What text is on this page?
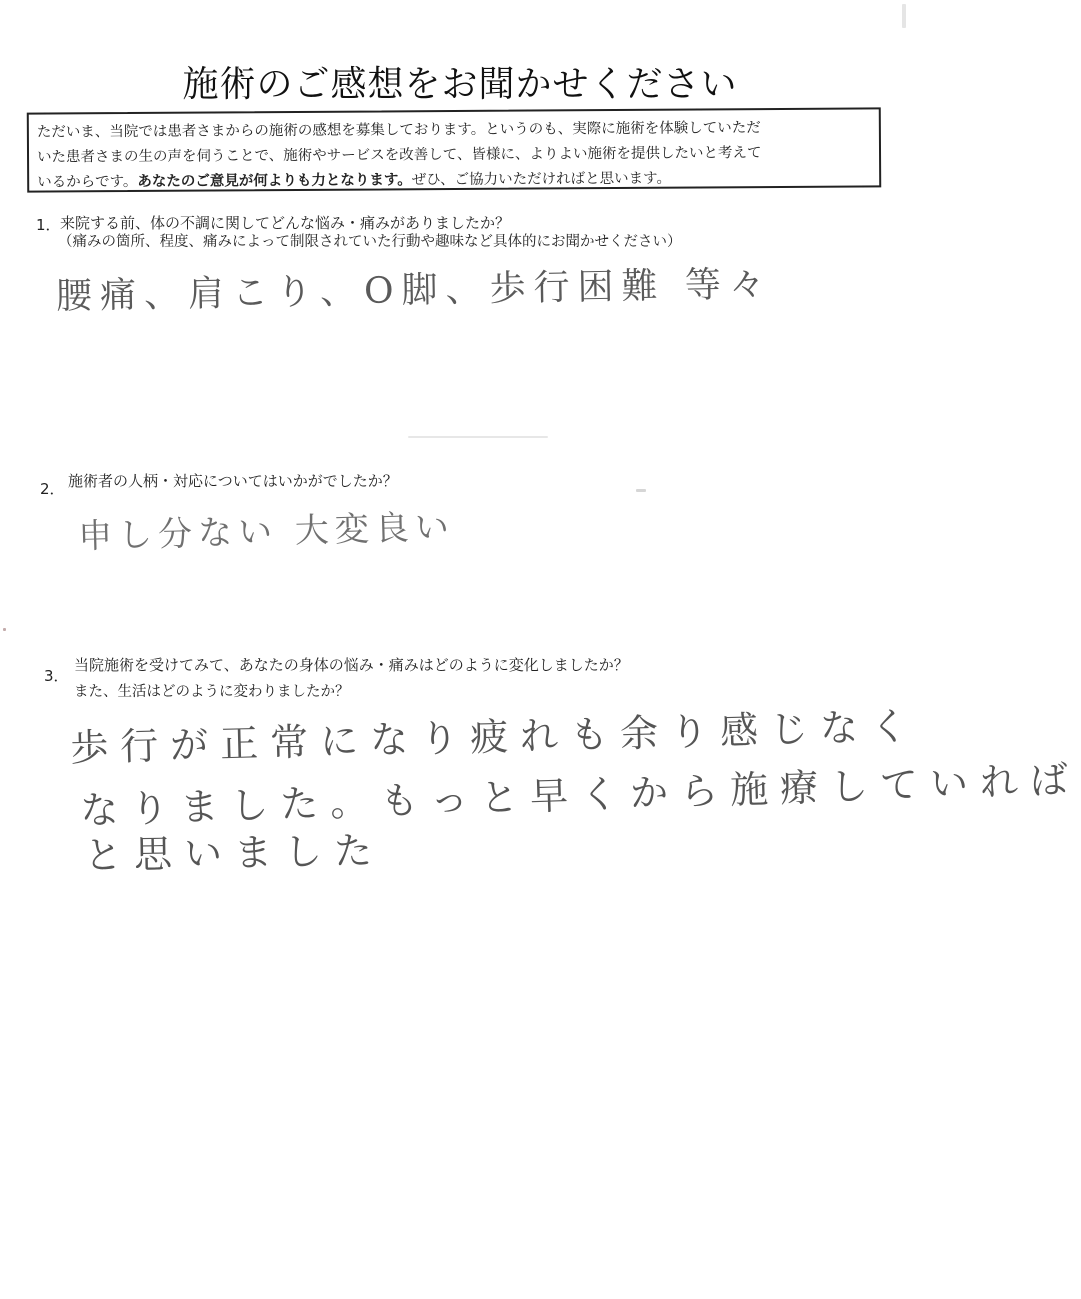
施術のご感想をお聞かせください
ただいま、当院では患者さまからの施術の感想を募集しております。というのも、実際に施術を体験していただ
いた患者さまの生の声を伺うことで、施術やサービスを改善して、皆様に、よりよい施術を提供したいと考えて
いるからです。あなたのご意見が何よりも力となります。ぜひ、ご協力いただければと思います。
1． 来院する前、体の不調に関してどんな悩み・痛みがありましたか？
（痛みの箇所、程度、痛みによって制限されていた行動や趣味など具体的にお聞かせください）
腰痛、肩こり、O脚、歩行困難 等々
2． 施術者の人柄・対応についてはいかがでしたか？
申し分ない 大変良い
3．
当院施術を受けてみて、あなたの身体の悩み・痛みはどのように変化しましたか？
また、生活はどのように変わりましたか？
歩行が正常になり疲れも余り感じなく
なりました。もっと早くから施療していれば
と思いました
